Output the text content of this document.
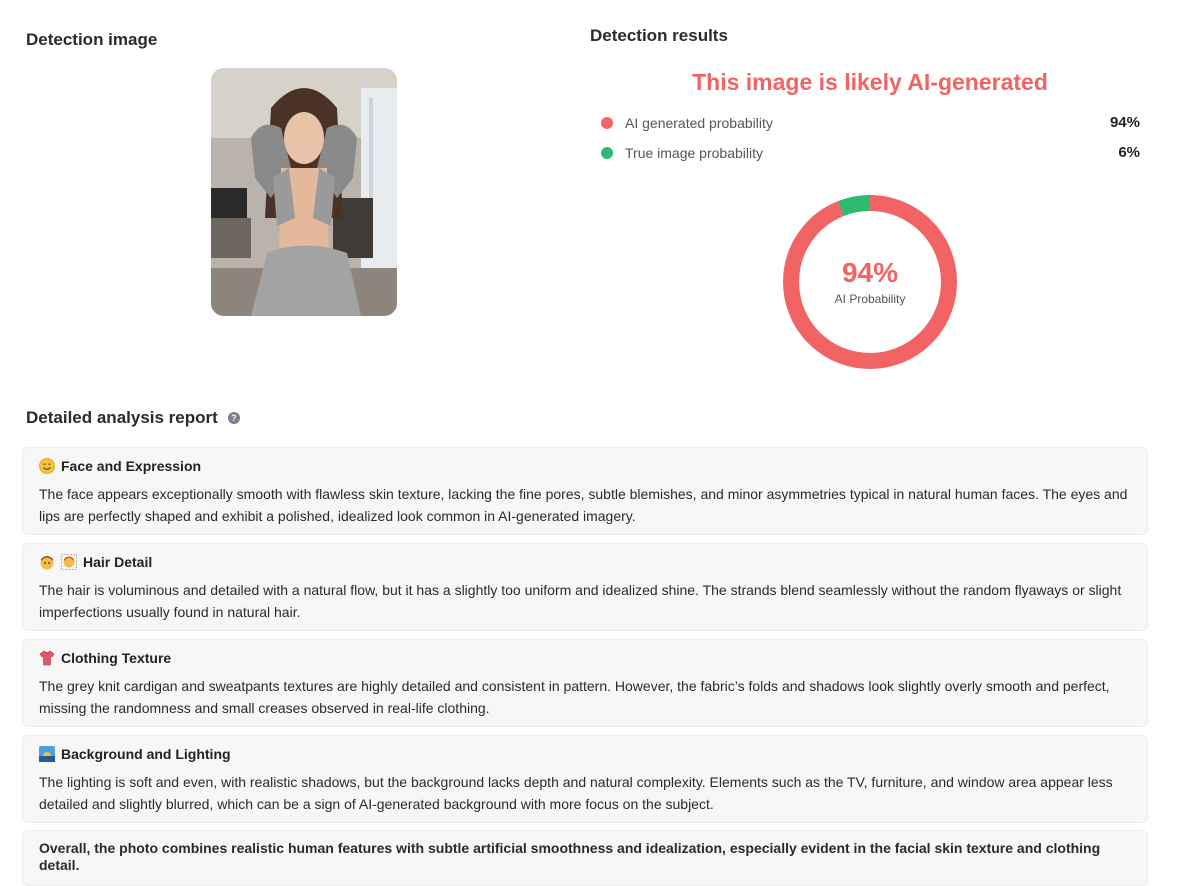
Detection image	Detection results
This image is likely AI-generated
AI generated probability	94%
True image probability	6%
94%
AI Probability
Detailed analysis report	?
Face and Expression
The face appears exceptionally smooth with flawless skin texture, lacking the fine pores, subtle blemishes, and minor asymmetries typical in natural human faces. The eyes and lips are perfectly shaped and exhibit a polished, idealized look common in AI-generated imagery.
Hair Detail
The hair is voluminous and detailed with a natural flow, but it has a slightly too uniform and idealized shine. The strands blend seamlessly without the random flyaways or slight imperfections usually found in natural hair.
Clothing Texture
The grey knit cardigan and sweatpants textures are highly detailed and consistent in pattern. However, the fabric’s folds and shadows look slightly overly smooth and perfect, missing the randomness and small creases observed in real-life clothing.
Background and Lighting
The lighting is soft and even, with realistic shadows, but the background lacks depth and natural complexity. Elements such as the TV, furniture, and window area appear less detailed and slightly blurred, which can be a sign of AI-generated background with more focus on the subject.
Overall, the photo combines realistic human features with subtle artificial smoothness and idealization, especially evident in the facial skin texture and clothing detail.
